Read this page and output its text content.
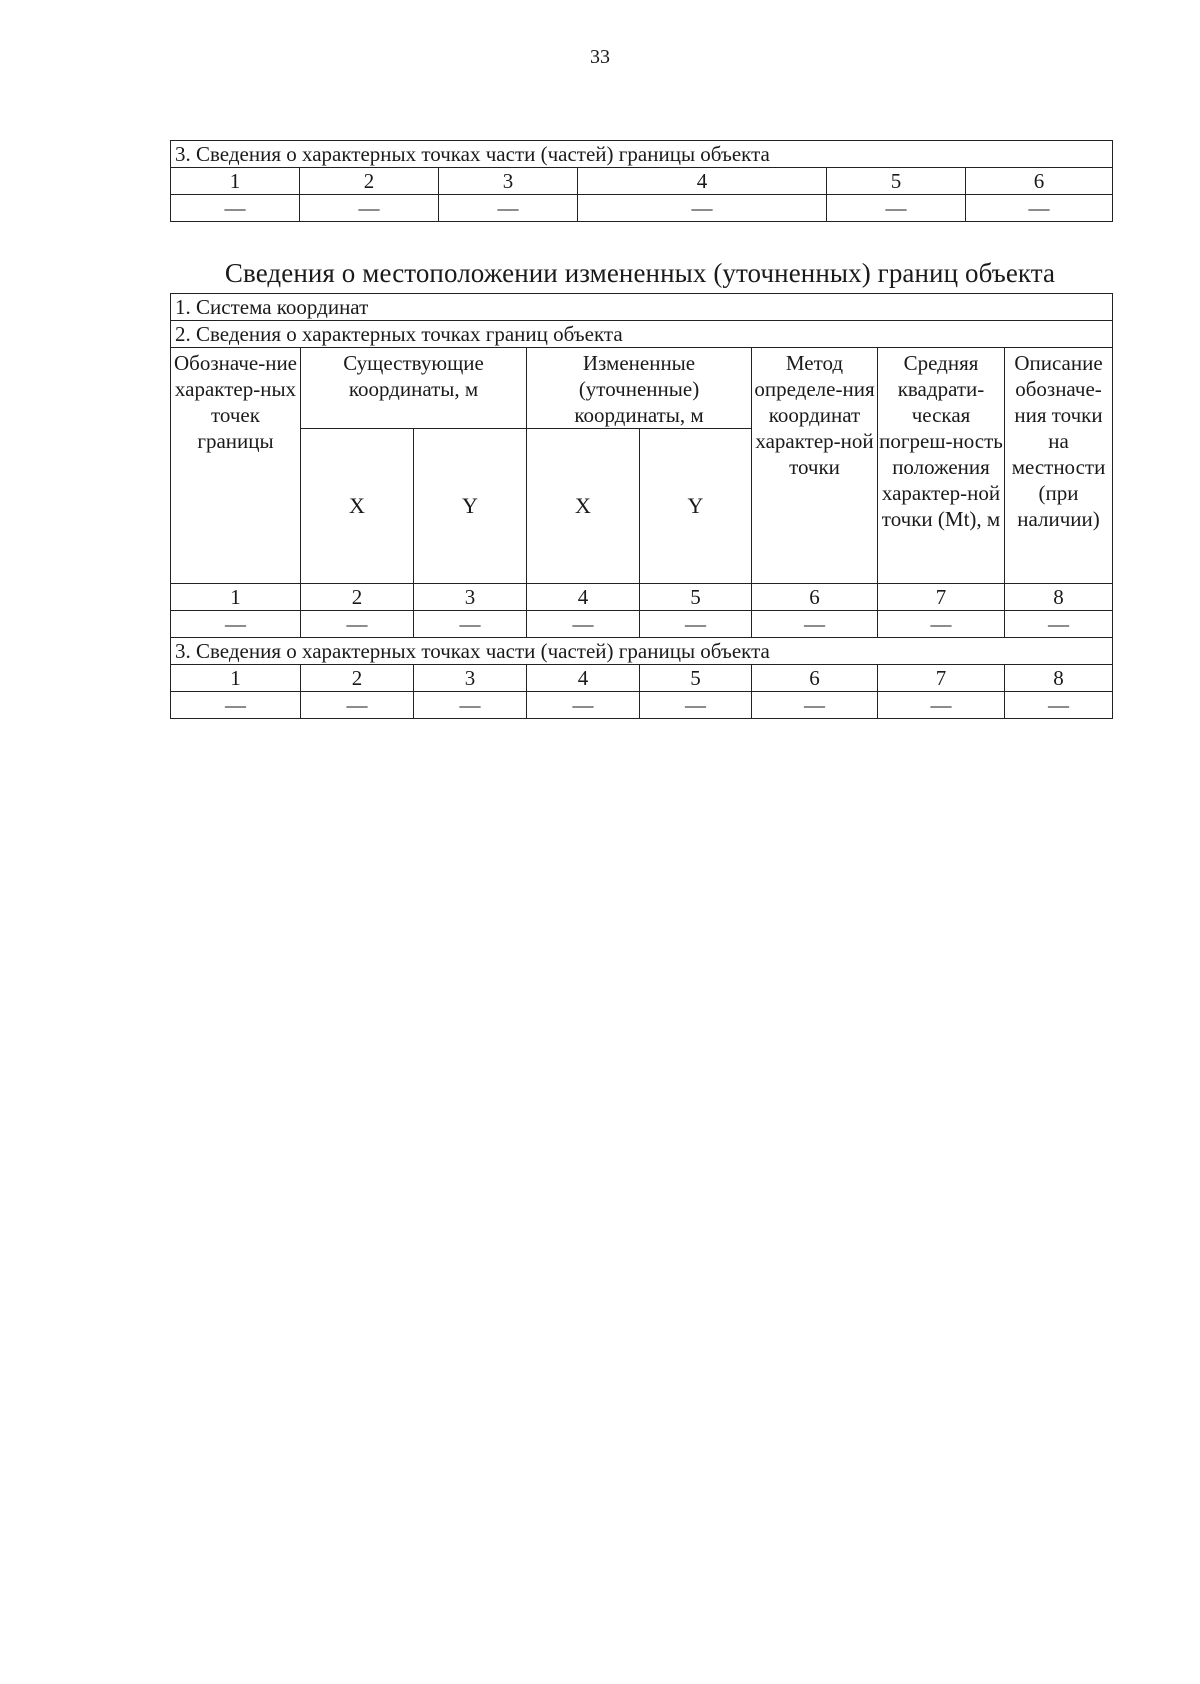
33
3. Сведения о характерных точках части (частей) границы объекта					
1	2	3	4	5	6
—	—	—	—	—	—
Сведения о местоположении измененных (уточненных) границ объекта
1. Система координат							
2. Сведения о характерных точках границ объекта							
Обозначе-ние характер-ных точек границы	Существующие координаты, м		Измененные (уточненные) координаты, м		Метод определе-ния координат характер-ной точки	Средняя квадрати-ческая погреш-ность положения характер-ной точки (Mt), м	Описание обозначе-ния точки на местности (при наличии)
	X	Y	X	Y			
1	2	3	4	5	6	7	8
—	—	—	—	—	—	—	—
3. Сведения о характерных точках части (частей) границы объекта							
1	2	3	4	5	6	7	8
—	—	—	—	—	—	—	—
